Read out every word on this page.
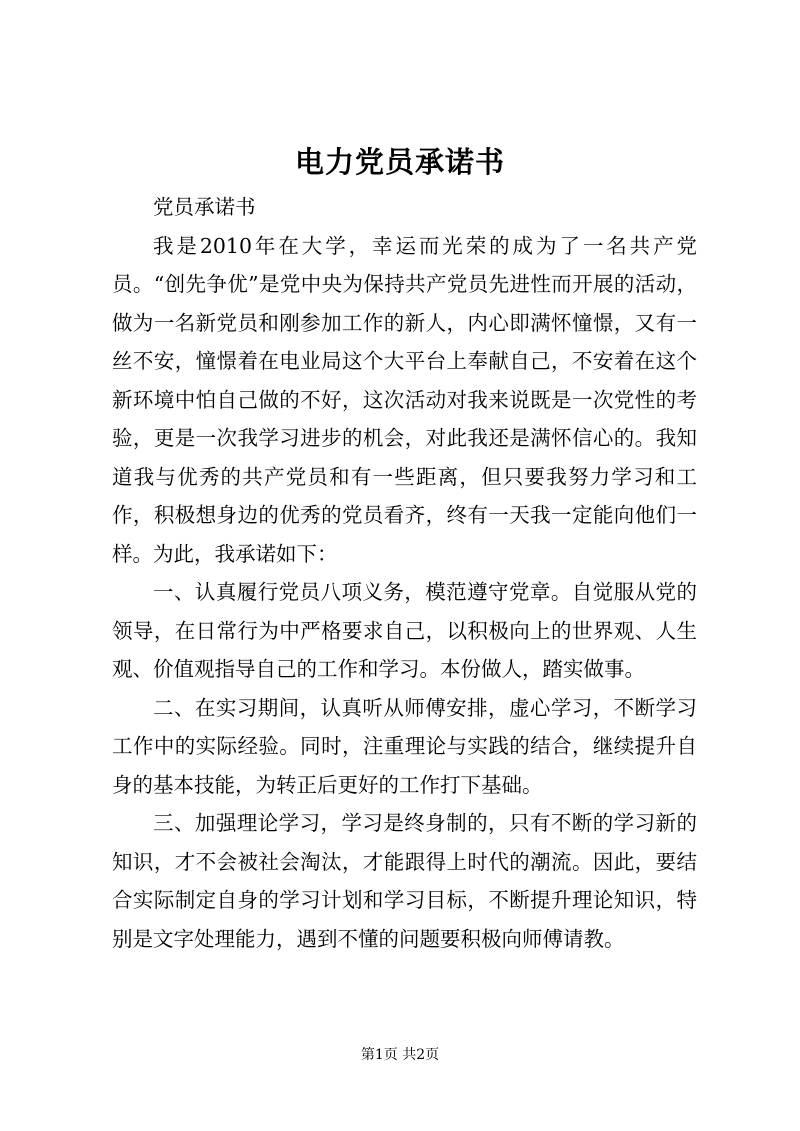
电力党员承诺书

党员承诺书

我是2010年在大学，幸运而光荣的成为了一名共产党员。“创先争优”是党中央为保持共产党员先进性而开展的活动，做为一名新党员和刚参加工作的新人，内心即满怀憧憬，又有一丝不安，憧憬着在电业局这个大平台上奉献自己，不安着在这个新环境中怕自己做的不好，这次活动对我来说既是一次党性的考验，更是一次我学习进步的机会，对此我还是满怀信心的。我知道我与优秀的共产党员和有一些距离，但只要我努力学习和工作，积极想身边的优秀的党员看齐，终有一天我一定能向他们一样。为此，我承诺如下：

一、认真履行党员八项义务，模范遵守党章。自觉服从党的领导，在日常行为中严格要求自己，以积极向上的世界观、人生观、价值观指导自己的工作和学习。本份做人，踏实做事。

二、在实习期间，认真听从师傅安排，虚心学习，不断学习工作中的实际经验。同时，注重理论与实践的结合，继续提升自身的基本技能，为转正后更好的工作打下基础。

三、加强理论学习，学习是终身制的，只有不断的学习新的知识，才不会被社会淘汰，才能跟得上时代的潮流。因此，要结合实际制定自身的学习计划和学习目标，不断提升理论知识，特别是文字处理能力，遇到不懂的问题要积极向师傅请教。

第1页 共2页
